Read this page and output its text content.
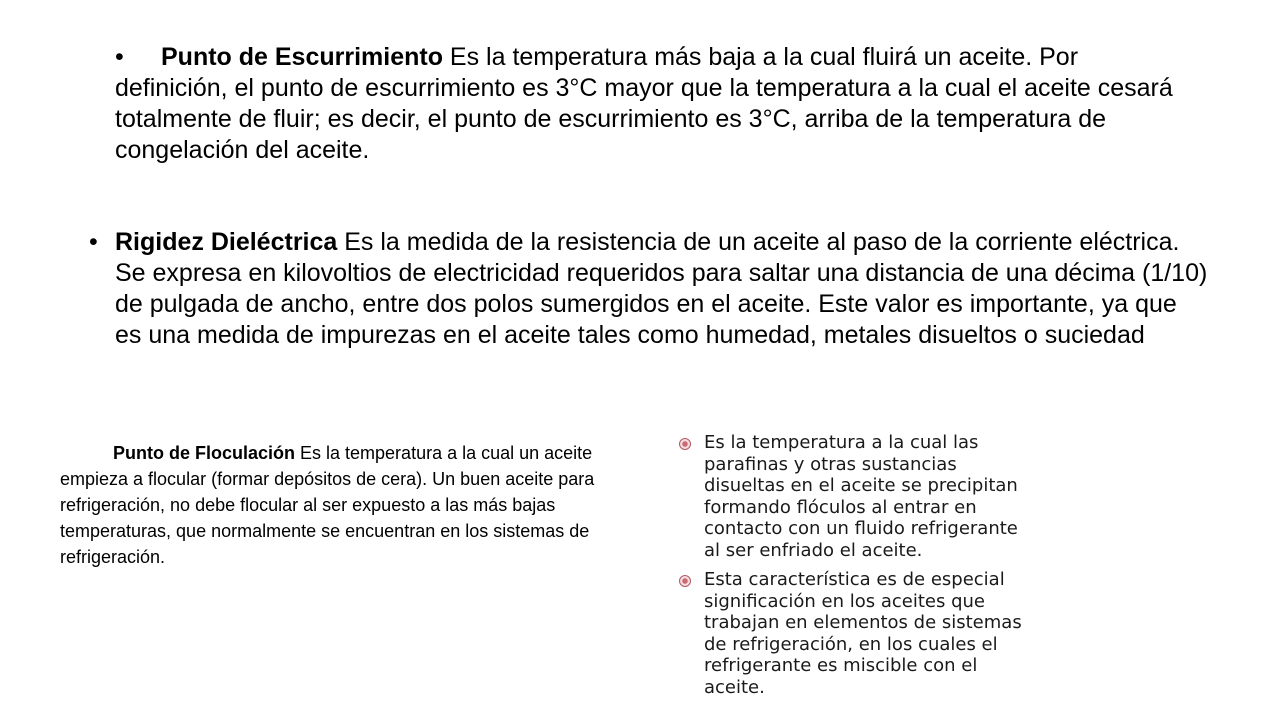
• Punto de Escurrimiento Es la temperatura más baja a la cual fluirá un aceite. Por definición, el punto de escurrimiento es 3°C mayor que la temperatura a la cual el aceite cesará totalmente de fluir; es decir, el punto de escurrimiento es 3°C, arriba de la temperatura de congelación del aceite.
• Rigidez Dieléctrica Es la medida de la resistencia de un aceite al paso de la corriente eléctrica. Se expresa en kilovoltios de electricidad requeridos para saltar una distancia de una décima (1/10) de pulgada de ancho, entre dos polos sumergidos en el aceite. Este valor es importante, ya que es una medida de impurezas en el aceite tales como humedad, metales disueltos o suciedad
Punto de Floculación Es la temperatura a la cual un aceite empieza a flocular (formar depósitos de cera). Un buen aceite para refrigeración, no debe flocular al ser expuesto a las más bajas temperaturas, que normalmente se encuentran en los sistemas de refrigeración.
Es la temperatura a la cual las
parafinas y otras sustancias
disueltas en el aceite se precipitan
formando flóculos al entrar en
contacto con un fluido refrigerante
al ser enfriado el aceite.
Esta característica es de especial
significación en los aceites que
trabajan en elementos de sistemas
de refrigeración, en los cuales el
refrigerante es miscible con el
aceite.
